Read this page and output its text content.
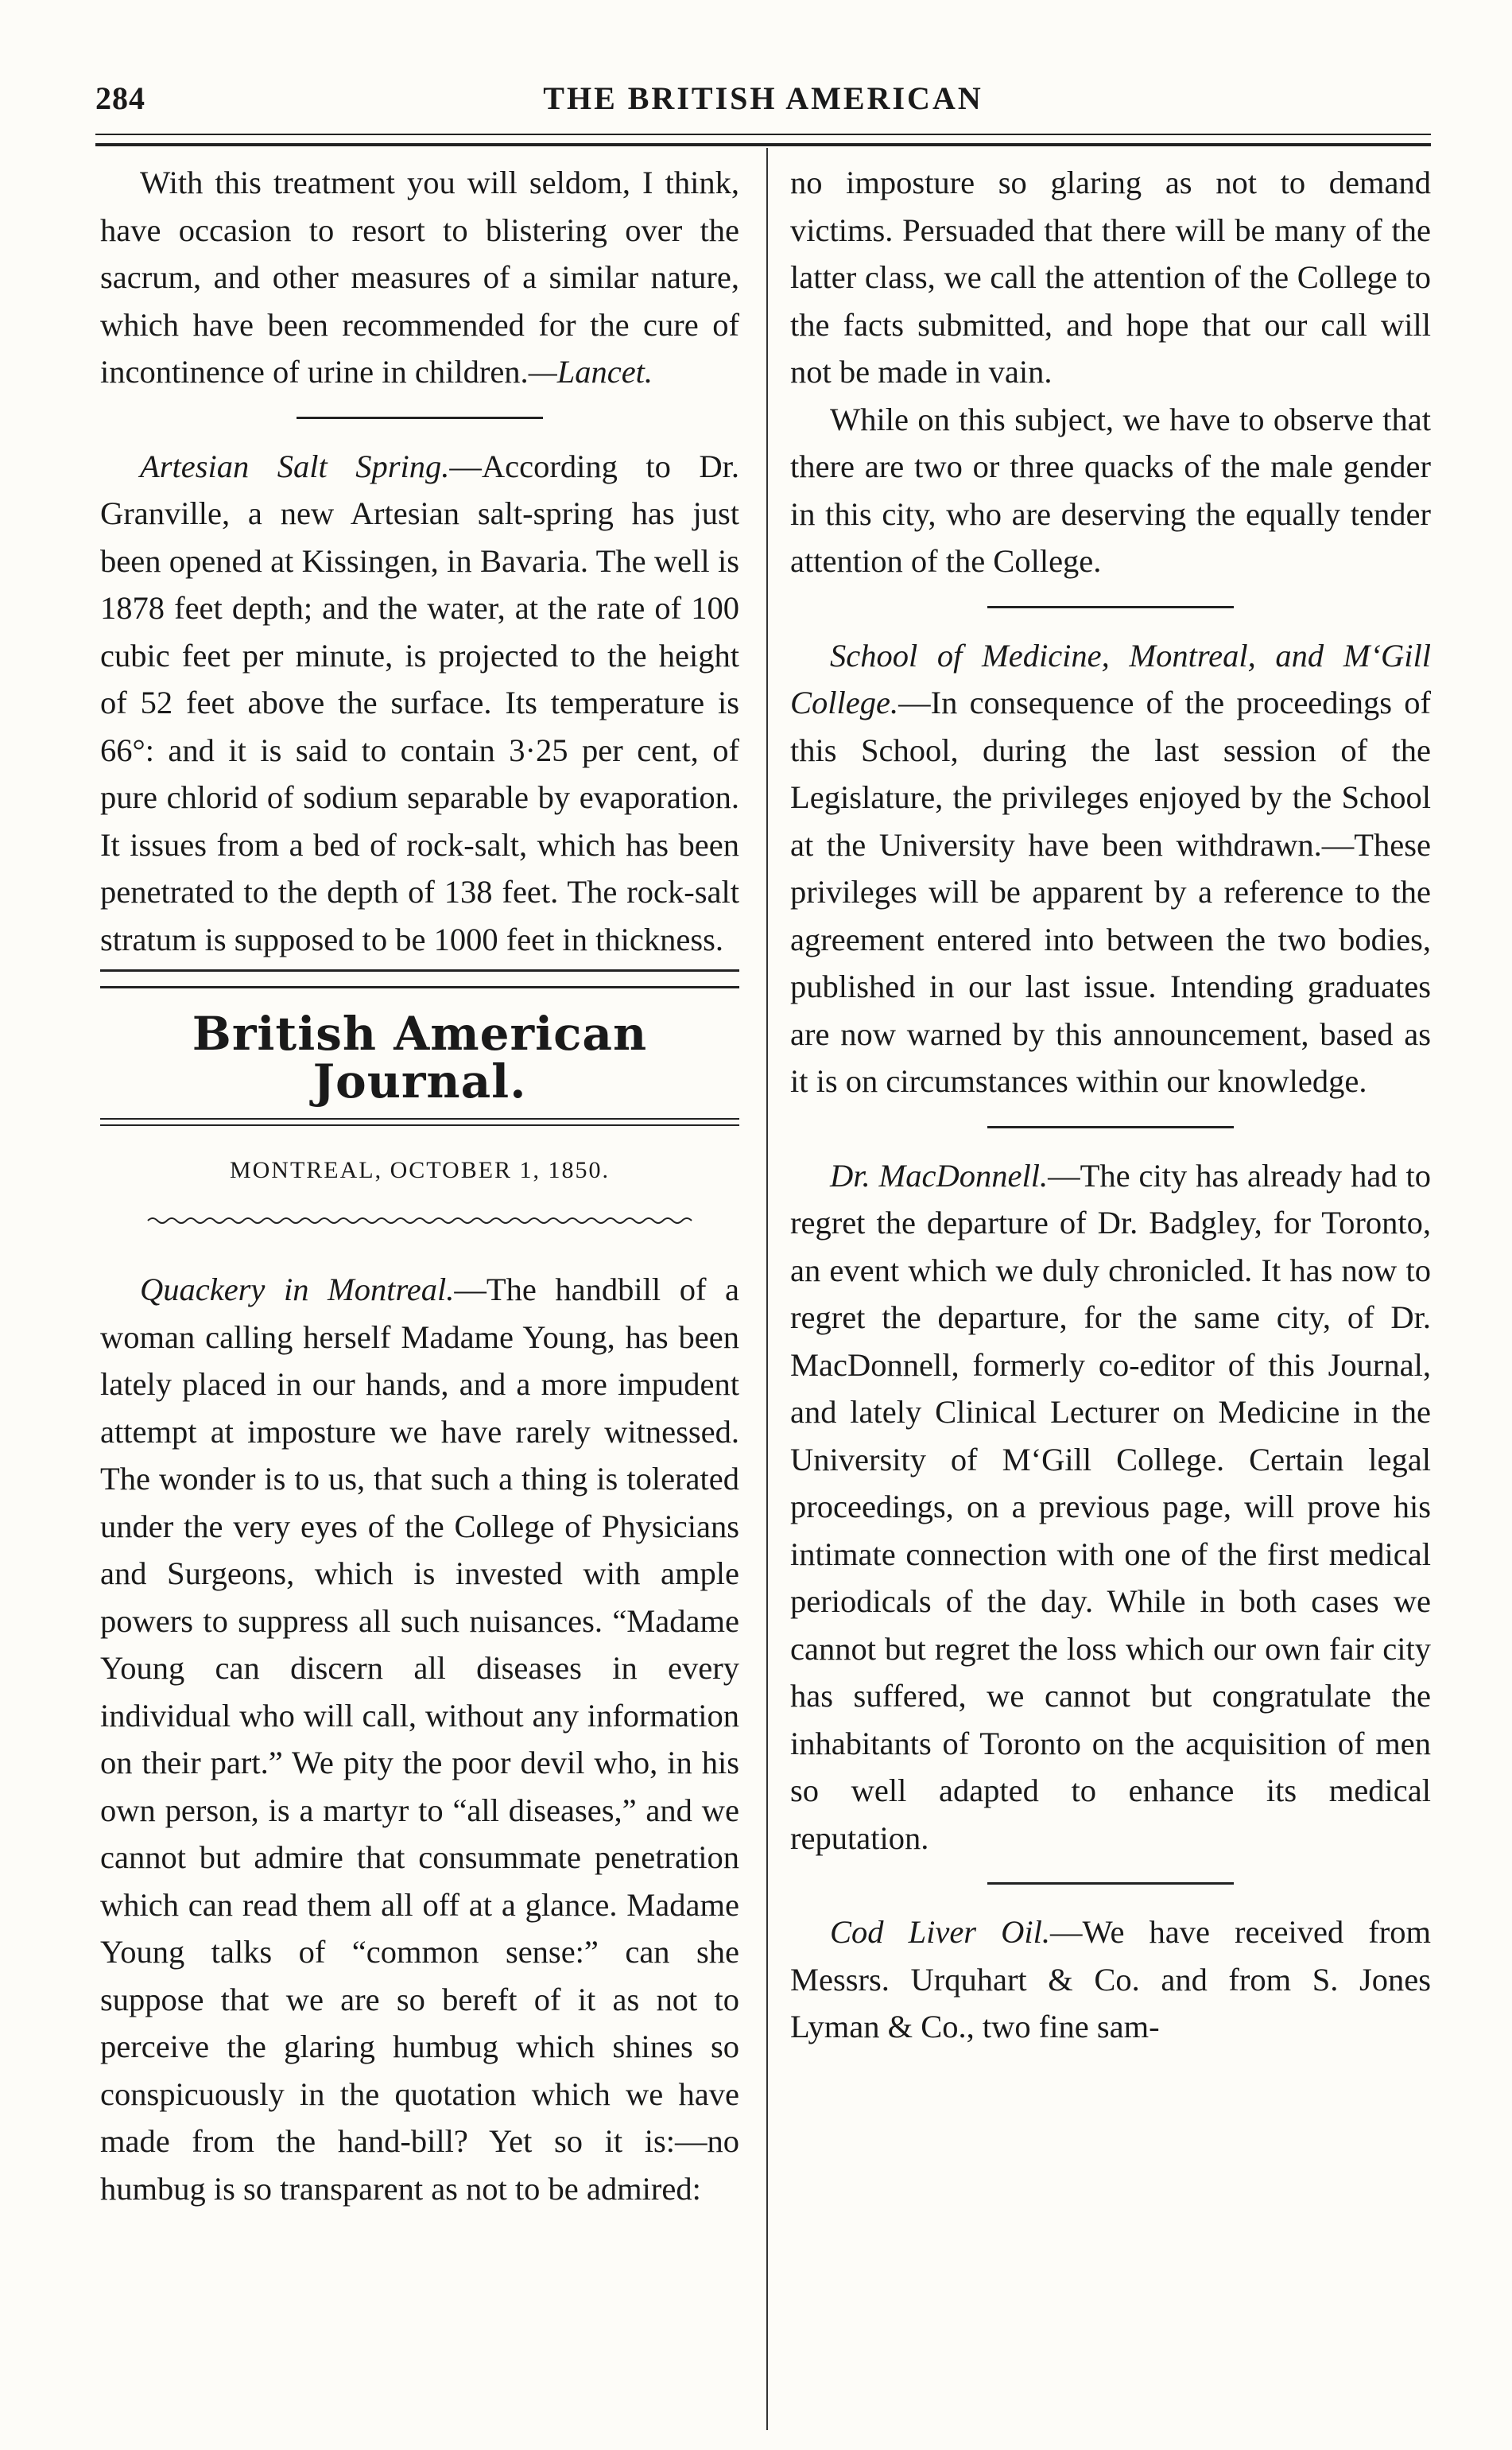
284	THE BRITISH AMERICAN

With this treatment you will seldom, I think, have occasion to resort to blistering over the sacrum, and other measures of a similar nature, which have been recommended for the cure of incontinence of urine in children.—Lancet.

Artesian Salt Spring.—According to Dr. Granville, a new Artesian salt-spring has just been opened at Kissingen, in Bavaria. The well is 1878 feet depth; and the water, at the rate of 100 cubic feet per minute, is projected to the height of 52 feet above the surface. Its temperature is 66°: and it is said to contain 3·25 per cent, of pure chlorid of sodium separable by evaporation. It issues from a bed of rock-salt, which has been penetrated to the depth of 138 feet. The rock-salt stratum is supposed to be 1000 feet in thickness.

British American Journal.
MONTREAL, OCTOBER 1, 1850.

Quackery in Montreal.—The handbill of a woman calling herself Madame Young, has been lately placed in our hands, and a more impudent attempt at imposture we have rarely witnessed. The wonder is to us, that such a thing is tolerated under the very eyes of the College of Physicians and Surgeons, which is invested with ample powers to suppress all such nuisances. “Madame Young can discern all diseases in every individual who will call, without any information on their part.” We pity the poor devil who, in his own person, is a martyr to “all diseases,” and we cannot but admire that consummate penetration which can read them all off at a glance. Madame Young talks of “common sense:” can she suppose that we are so bereft of it as not to perceive the glaring humbug which shines so conspicuously in the quotation which we have made from the hand-bill? Yet so it is:—no humbug is so transparent as not to be admired:

no imposture so glaring as not to demand victims. Persuaded that there will be many of the latter class, we call the attention of the College to the facts submitted, and hope that our call will not be made in vain.

While on this subject, we have to observe that there are two or three quacks of the male gender in this city, who are deserving the equally tender attention of the College.

School of Medicine, Montreal, and M‘Gill College.—In consequence of the proceedings of this School, during the last session of the Legislature, the privileges enjoyed by the School at the University have been withdrawn.—These privileges will be apparent by a reference to the agreement entered into between the two bodies, published in our last issue. Intending graduates are now warned by this announcement, based as it is on circumstances within our knowledge.

Dr. MacDonnell.—The city has already had to regret the departure of Dr. Badgley, for Toronto, an event which we duly chronicled. It has now to regret the departure, for the same city, of Dr. MacDonnell, formerly co-editor of this Journal, and lately Clinical Lecturer on Medicine in the University of M‘Gill College. Certain legal proceedings, on a previous page, will prove his intimate connection with one of the first medical periodicals of the day. While in both cases we cannot but regret the loss which our own fair city has suffered, we cannot but congratulate the inhabitants of Toronto on the acquisition of men so well adapted to enhance its medical reputation.

Cod Liver Oil.—We have received from Messrs. Urquhart & Co. and from S. Jones Lyman & Co., two fine sam-
